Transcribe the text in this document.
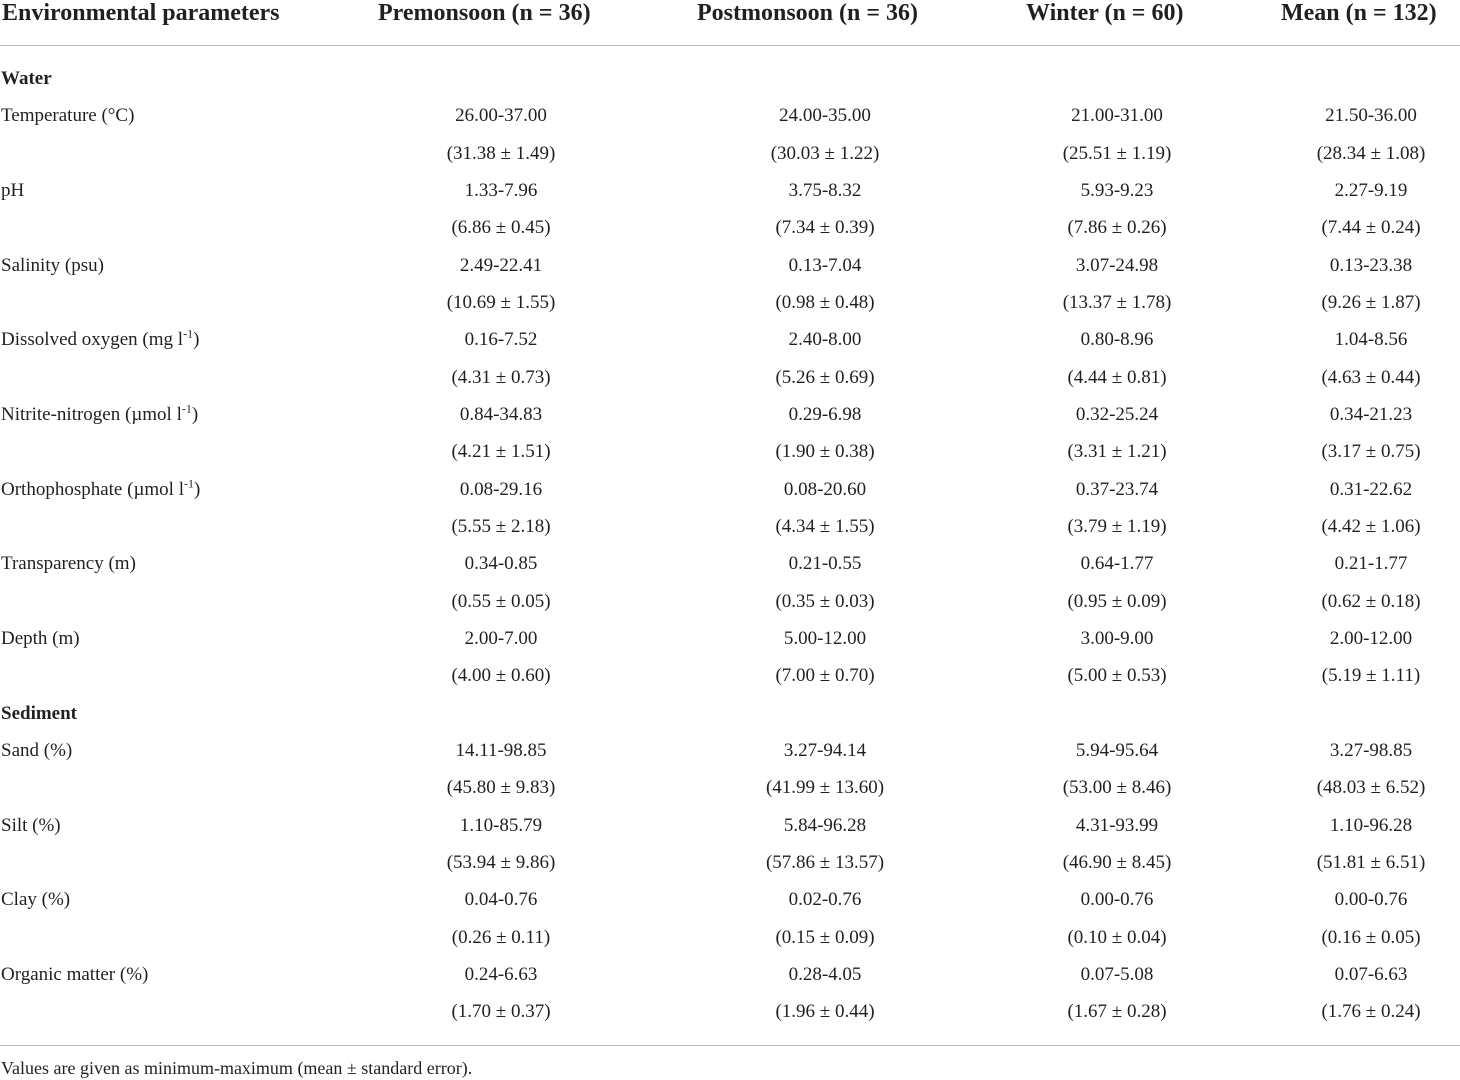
Environmental parameters	Premonsoon (n = 36)	Postmonsoon (n = 36)	Winter (n = 60)	Mean (n = 132)
Water
Temperature (°C)	26.00-37.00	24.00-35.00	21.00-31.00	21.50-36.00
(31.38 ± 1.49)	(30.03 ± 1.22)	(25.51 ± 1.19)	(28.34 ± 1.08)
pH	1.33-7.96	3.75-8.32	5.93-9.23	2.27-9.19
(6.86 ± 0.45)	(7.34 ± 0.39)	(7.86 ± 0.26)	(7.44 ± 0.24)
Salinity (psu)	2.49-22.41	0.13-7.04	3.07-24.98	0.13-23.38
(10.69 ± 1.55)	(0.98 ± 0.48)	(13.37 ± 1.78)	(9.26 ± 1.87)
Dissolved oxygen (mg $l^{-1}$)	0.16-7.52	2.40-8.00	0.80-8.96	1.04-8.56
(4.31 ± 0.73)	(5.26 ± 0.69)	(4.44 ± 0.81)	(4.63 ± 0.44)
Nitrite-nitrogen (µmol $l^{-1}$)	0.84-34.83	0.29-6.98	0.32-25.24	0.34-21.23
(4.21 ± 1.51)	(1.90 ± 0.38)	(3.31 ± 1.21)	(3.17 ± 0.75)
Orthophosphate (µmol $l^{-1}$)	0.08-29.16	0.08-20.60	0.37-23.74	0.31-22.62
(5.55 ± 2.18)	(4.34 ± 1.55)	(3.79 ± 1.19)	(4.42 ± 1.06)
Transparency (m)	0.34-0.85	0.21-0.55	0.64-1.77	0.21-1.77
(0.55 ± 0.05)	(0.35 ± 0.03)	(0.95 ± 0.09)	(0.62 ± 0.18)
Depth (m)	2.00-7.00	5.00-12.00	3.00-9.00	2.00-12.00
(4.00 ± 0.60)	(7.00 ± 0.70)	(5.00 ± 0.53)	(5.19 ± 1.11)
Sediment
Sand (%)	14.11-98.85	3.27-94.14	5.94-95.64	3.27-98.85
(45.80 ± 9.83)	(41.99 ± 13.60)	(53.00 ± 8.46)	(48.03 ± 6.52)
Silt (%)	1.10-85.79	5.84-96.28	4.31-93.99	1.10-96.28
(53.94 ± 9.86)	(57.86 ± 13.57)	(46.90 ± 8.45)	(51.81 ± 6.51)
Clay (%)	0.04-0.76	0.02-0.76	0.00-0.76	0.00-0.76
(0.26 ± 0.11)	(0.15 ± 0.09)	(0.10 ± 0.04)	(0.16 ± 0.05)
Organic matter (%)	0.24-6.63	0.28-4.05	0.07-5.08	0.07-6.63
(1.70 ± 0.37)	(1.96 ± 0.44)	(1.67 ± 0.28)	(1.76 ± 0.24)
Values are given as minimum-maximum (mean ± standard error).
